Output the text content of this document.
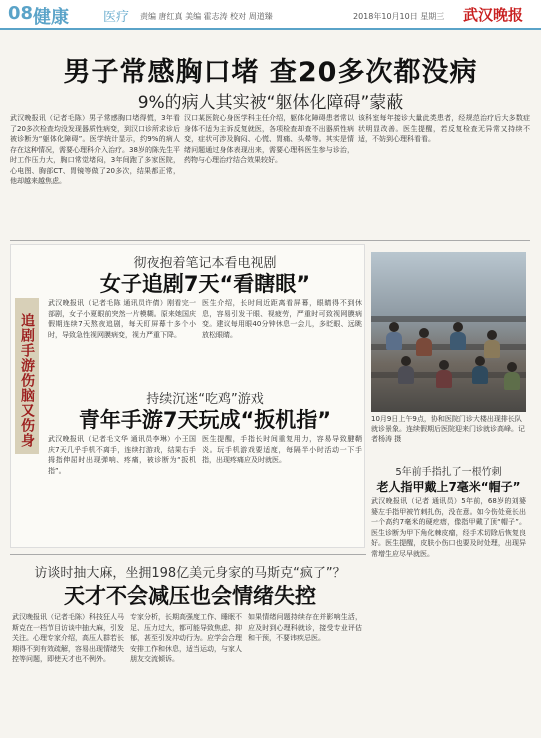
08 健康	医疗 责编 唐红真 美编 霍志涛 校对 周道臻	2018年10月10日 星期三 武汉晚报
男子常感胸口堵 查20多次都没病
9%的病人其实被“躯体化障碍”蒙蔽
武汉晚报讯（记者毛陈）男子常感胸口堵得慌，3年看了20多次检查均没发现器质性病变，到汉口诊所求诊后被诊断为“躯体化障碍”。医学统计显示，约9%的病人存在这种情况，需要心理科介入治疗。38岁的陈先生平时工作压力大，胸口常觉堵闷，3年间跑了多家医院，心电图、胸部CT、胃镜等做了20多次，结果都正常，他却越来越焦虑。
汉口某医院心身医学科主任介绍，躯体化障碍患者常以身体不适为主诉反复就医，各项检查却查不出器质性病变，症状可涉及胸闷、心慌、胃痛、头晕等。其实是情绪问题通过身体表现出来，需要心理科医生参与诊治，药物与心理治疗结合效果较好。
该科室每年接诊大量此类患者，经规范治疗后大多数症状明显改善。医生提醒，若反复检查无异常又持续不适，不妨到心理科看看。
追剧手游伤脑又伤身
彻夜抱着笔记本看电视剧
女子追剧7天“看瞎眼”
武汉晚报讯（记者毛陈 通讯员许倩）刚看完一部剧，女子小夏眼前突然一片模糊。原来她国庆假期连续7天熬夜追剧，每天盯屏幕十多个小时，导致急性视网膜病变，视力严重下降。
医生介绍，长时间近距离看屏幕，眼睛得不到休息，容易引发干眼、视疲劳，严重时可致视网膜病变。建议每用眼40分钟休息一会儿，多眨眼、远眺放松眼睛。
持续沉迷“吃鸡”游戏
青年手游7天玩成“扳机指”
武汉晚报讯（记者毛文华 通讯员李琳）小王国庆7天几乎手机不离手，连续打游戏，结果右手拇指伸屈时出现弹响、疼痛，被诊断为“扳机指”。
医生提醒，手指长时间重复用力，容易导致腱鞘炎。玩手机游戏要适度，每隔半小时活动一下手指，出现疼痛应及时就医。
10月9日上午9点，协和医院门诊大楼出现排长队就诊景象。连续假期后医院迎来门诊就诊高峰。记者杨涛 摄
5年前手指扎了一根竹刺
老人指甲戴上7毫米“帽子”
武汉晚报讯（记者 通讯员）5年前，68岁的刘婆婆左手指甲被竹刺扎伤，没在意。如今伤处竟长出一个高约7毫米的硬疙瘩，像指甲戴了顶“帽子”。医生诊断为甲下角化棘皮瘤，经手术切除后恢复良好。医生提醒，皮肤小伤口也要及时处理，出现异常增生应尽早就医。
访谈时抽大麻，坐拥198亿美元身家的马斯克“疯了”？
天才不会减压也会情绪失控
武汉晚报讯（记者毛陈）科技狂人马斯克在一档节目访谈中抽大麻，引发关注。心理专家介绍，高压人群若长期得不到有效疏解，容易出现情绪失控等问题，即使天才也不例外。
专家分析，长期高强度工作、睡眠不足、压力过大，都可能导致焦虑、抑郁，甚至引发冲动行为。应学会合理安排工作和休息，适当运动，与家人朋友交流倾诉。
如果情绪问题持续存在并影响生活，应及时到心理科就诊，接受专业评估和干预，不要讳疾忌医。
